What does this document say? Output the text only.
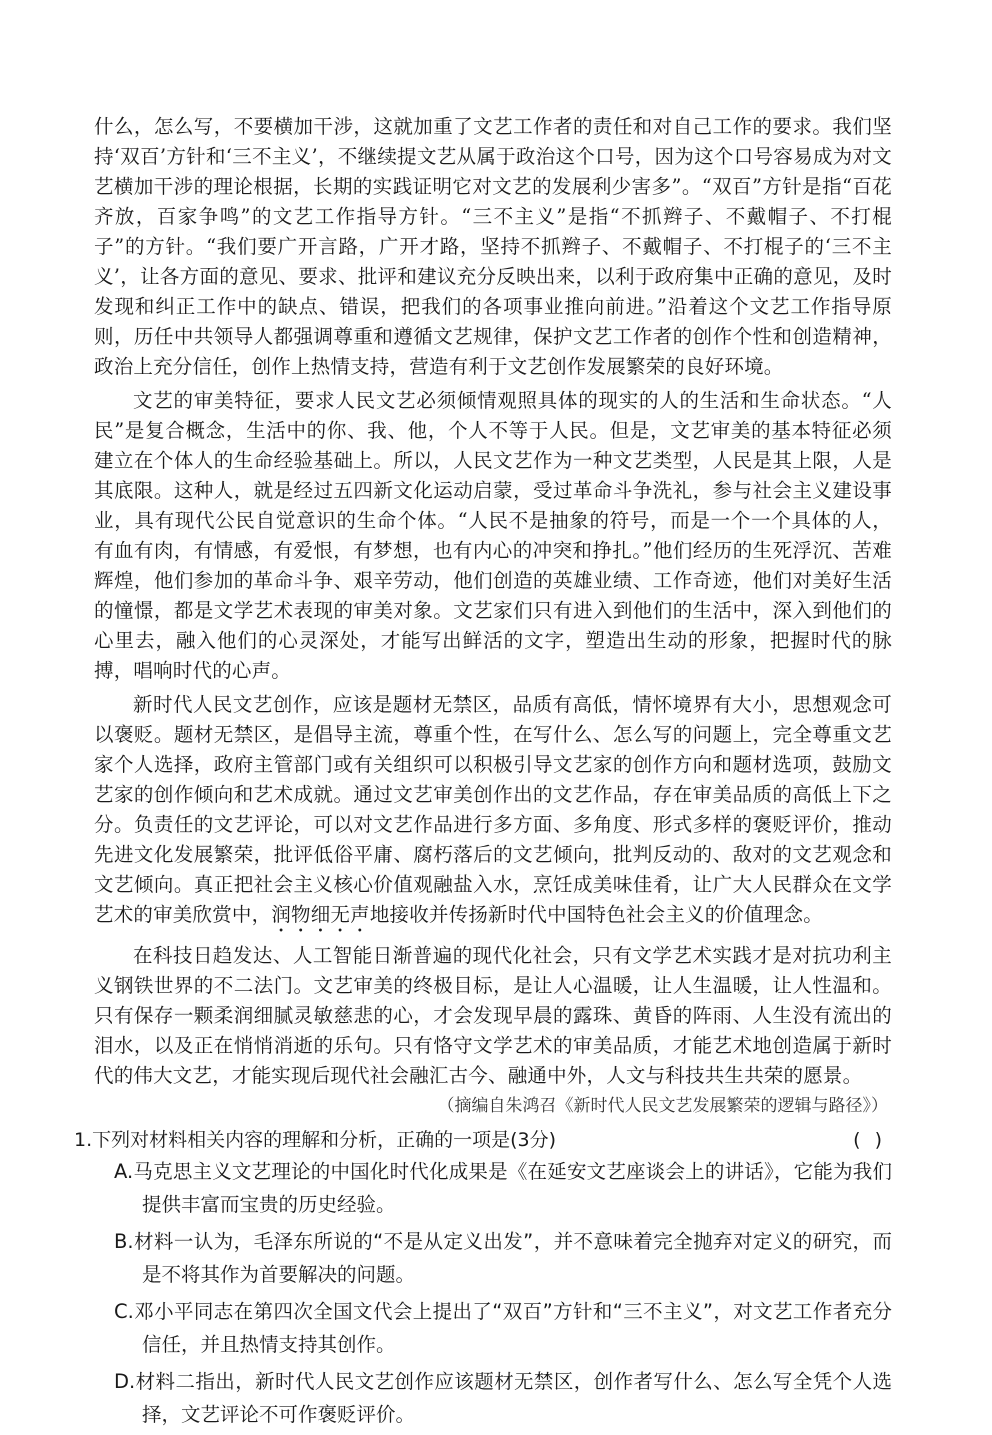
什么，怎么写，不要横加干涉，这就加重了文艺工作者的责任和对自己工作的要求。我们坚持‘双百’方针和‘三不主义’，不继续提文艺从属于政治这个口号，因为这个口号容易成为对文艺横加干涉的理论根据，长期的实践证明它对文艺的发展利少害多”。“双百”方针是指“百花齐放，百家争鸣”的文艺工作指导方针。“三不主义”是指“不抓辫子、不戴帽子、不打棍子”的方针。“我们要广开言路，广开才路，坚持不抓辫子、不戴帽子、不打棍子的‘三不主义’，让各方面的意见、要求、批评和建议充分反映出来，以利于政府集中正确的意见，及时发现和纠正工作中的缺点、错误，把我们的各项事业推向前进。”沿着这个文艺工作指导原则，历任中共领导人都强调尊重和遵循文艺规律，保护文艺工作者的创作个性和创造精神，政治上充分信任，创作上热情支持，营造有利于文艺创作发展繁荣的良好环境。

文艺的审美特征，要求人民文艺必须倾情观照具体的现实的人的生活和生命状态。“人民”是复合概念，生活中的你、我、他，个人不等于人民。但是，文艺审美的基本特征必须建立在个体人的生命经验基础上。所以，人民文艺作为一种文艺类型，人民是其上限，人是其底限。这种人，就是经过五四新文化运动启蒙，受过革命斗争洗礼，参与社会主义建设事业，具有现代公民自觉意识的生命个体。“人民不是抽象的符号，而是一个一个具体的人，有血有肉，有情感，有爱恨，有梦想，也有内心的冲突和挣扎。”他们经历的生死浮沉、苦难辉煌，他们参加的革命斗争、艰辛劳动，他们创造的英雄业绩、工作奇迹，他们对美好生活的憧憬，都是文学艺术表现的审美对象。文艺家们只有进入到他们的生活中，深入到他们的心里去，融入他们的心灵深处，才能写出鲜活的文字，塑造出生动的形象，把握时代的脉搏，唱响时代的心声。

新时代人民文艺创作，应该是题材无禁区，品质有高低，情怀境界有大小，思想观念可以褒贬。题材无禁区，是倡导主流，尊重个性，在写什么、怎么写的问题上，完全尊重文艺家个人选择，政府主管部门或有关组织可以积极引导文艺家的创作方向和题材选项，鼓励文艺家的创作倾向和艺术成就。通过文艺审美创作出的文艺作品，存在审美品质的高低上下之分。负责任的文艺评论，可以对文艺作品进行多方面、多角度、形式多样的褒贬评价，推动先进文化发展繁荣，批评低俗平庸、腐朽落后的文艺倾向，批判反动的、敌对的文艺观念和文艺倾向。真正把社会主义核心价值观融盐入水，烹饪成美味佳肴，让广大人民群众在文学艺术的审美欣赏中，润物细无声地接收并传扬新时代中国特色社会主义的价值理念。

在科技日趋发达、人工智能日渐普遍的现代化社会，只有文学艺术实践才是对抗功利主义钢铁世界的不二法门。文艺审美的终极目标，是让人心温暖，让人生温暖，让人性温和。只有保存一颗柔润细腻灵敏慈悲的心，才会发现早晨的露珠、黄昏的阵雨、人生没有流出的泪水，以及正在悄悄消逝的乐句。只有恪守文学艺术的审美品质，才能艺术地创造属于新时代的伟大文艺，才能实现后现代社会融汇古今、融通中外，人文与科技共生共荣的愿景。

（摘编自朱鸿召《新时代人民文艺发展繁荣的逻辑与路径》）

1.下列对材料相关内容的理解和分析，正确的一项是(3分)	( )

A.马克思主义文艺理论的中国化时代化成果是《在延安文艺座谈会上的讲话》，它能为我们提供丰富而宝贵的历史经验。

B.材料一认为，毛泽东所说的“不是从定义出发”，并不意味着完全抛弃对定义的研究，而是不将其作为首要解决的问题。

C.邓小平同志在第四次全国文代会上提出了“双百”方针和“三不主义”，对文艺工作者充分信任，并且热情支持其创作。

D.材料二指出，新时代人民文艺创作应该题材无禁区，创作者写什么、怎么写全凭个人选择，文艺评论不可作褒贬评价。
